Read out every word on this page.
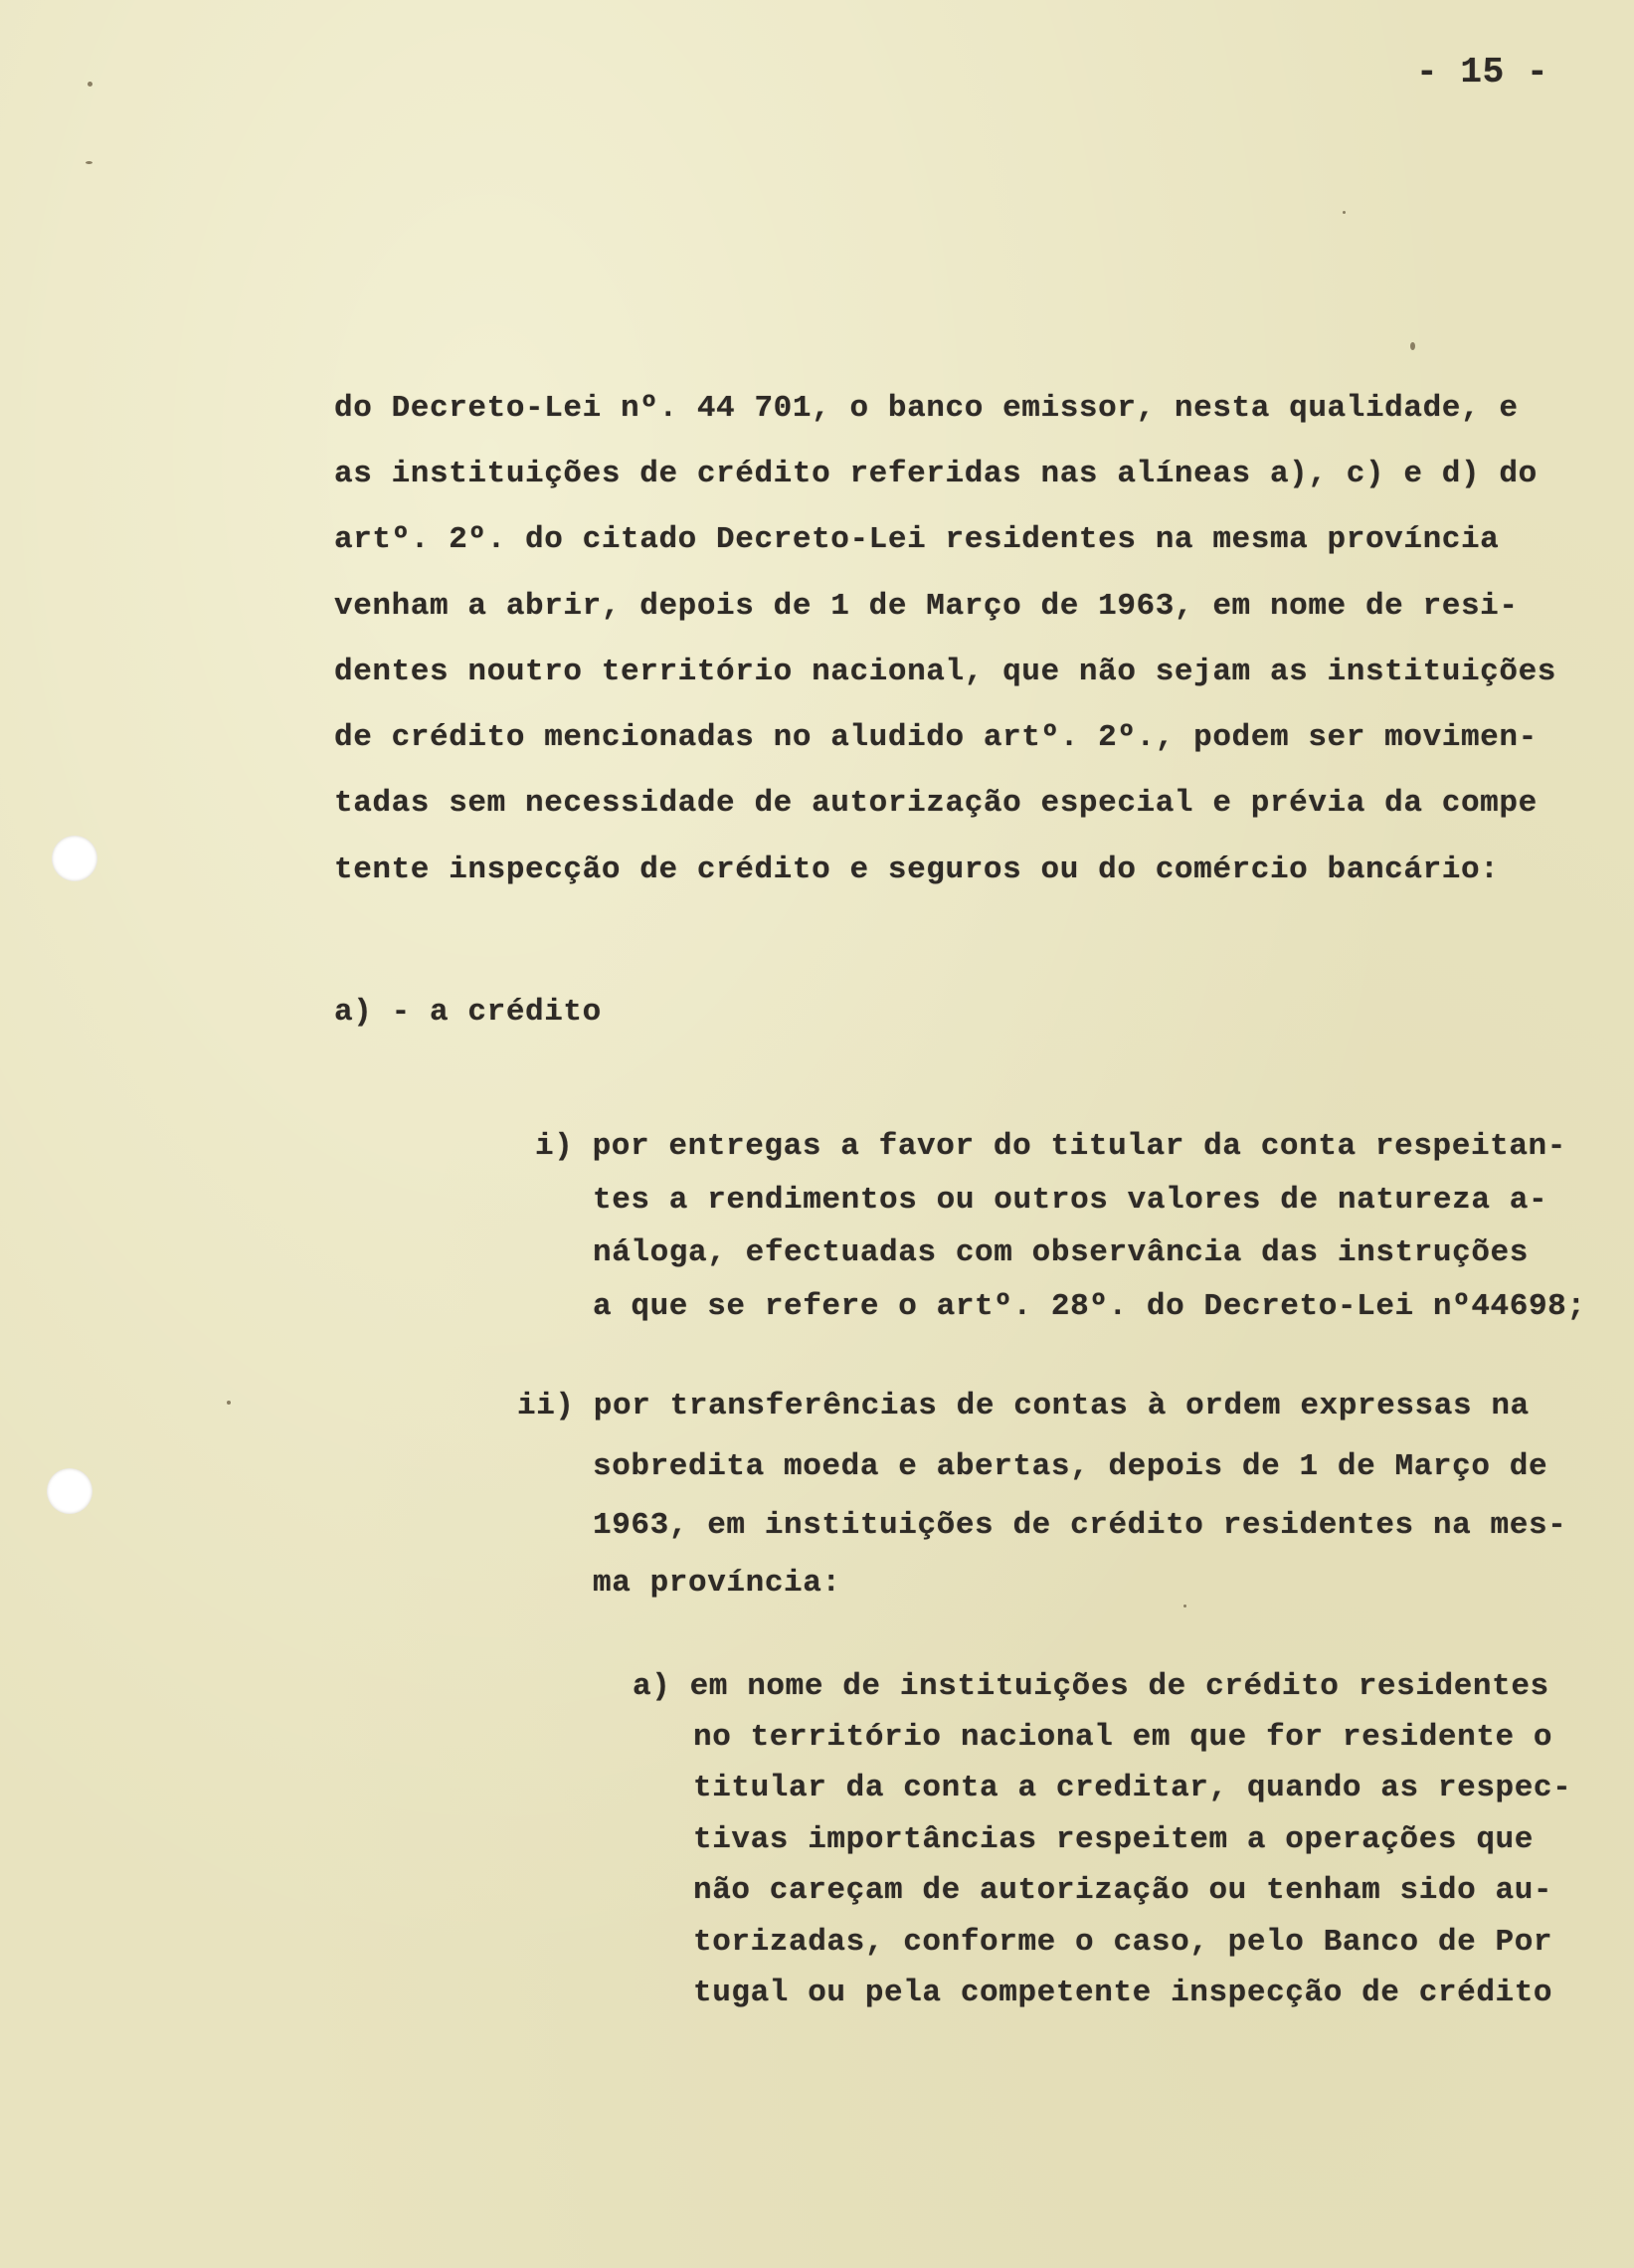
- 15 -

do Decreto-Lei nº. 44 701, o banco emissor, nesta qualidade, e

as instituições de crédito referidas nas alíneas a), c) e d) do

artº. 2º. do citado Decreto-Lei residentes na mesma província

venham a abrir, depois de 1 de Março de 1963, em nome de resi-

dentes noutro território nacional, que não sejam as instituições

de crédito mencionadas no aludido artº. 2º., podem ser movimen-

tadas sem necessidade de autorização especial e prévia da compe

tente inspecção de crédito e seguros ou do comércio bancário:

a) - a crédito

i) por entregas a favor do titular da conta respeitan-

tes a rendimentos ou outros valores de natureza a-

náloga, efectuadas com observância das instruções

a que se refere o artº. 28º. do Decreto-Lei nº44698;

ii) por transferências de contas à ordem expressas na

sobredita moeda e abertas, depois de 1 de Março de

1963, em instituições de crédito residentes na mes-

ma província:

a) em nome de instituições de crédito residentes

no território nacional em que for residente o

titular da conta a creditar, quando as respec-

tivas importâncias respeitem a operações que

não careçam de autorização ou tenham sido au-

torizadas, conforme o caso, pelo Banco de Por

tugal ou pela competente inspecção de crédito
